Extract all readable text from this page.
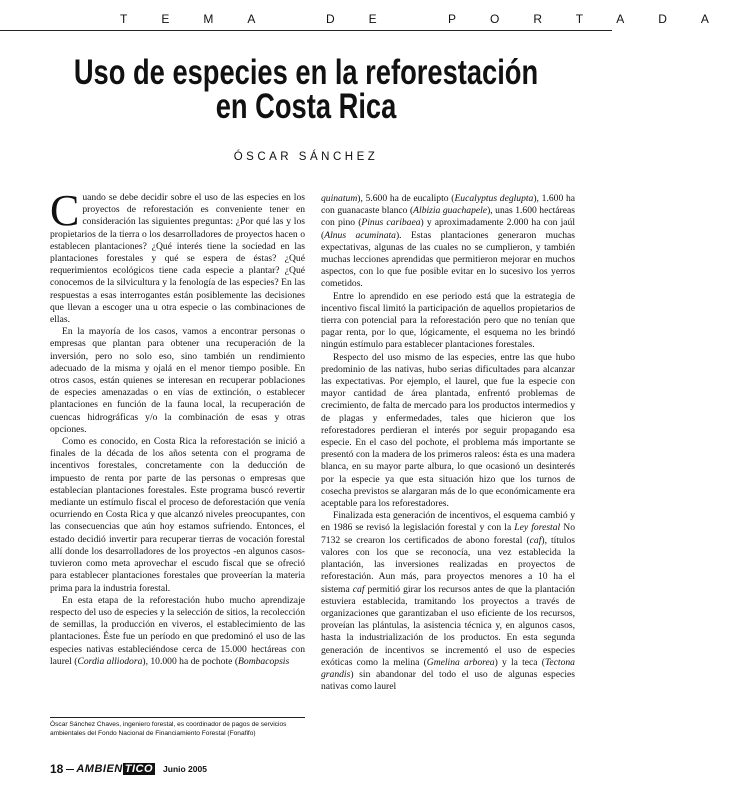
TEMA DE PORTADA
Uso de especies en la reforestación
en Costa Rica
ÓSCAR SÁNCHEZ

Cuando se debe decidir sobre el uso de las especies en los proyectos de reforestación es conveniente tener en consideración las siguientes preguntas: ¿Por qué las y los propietarios de la tierra o los desarrolladores de proyectos hacen o establecen plantaciones? ¿Qué interés tiene la sociedad en las plantaciones forestales y qué se espera de éstas? ¿Qué requerimientos ecológicos tiene cada especie a plantar? ¿Qué conocemos de la silvicultura y la fenología de las especies? En las respuestas a esas interrogantes están posiblemente las decisiones que llevan a escoger una u otra especie o las combinaciones de ellas.

En la mayoría de los casos, vamos a encontrar personas o empresas que plantan para obtener una recuperación de la inversión, pero no solo eso, sino también un rendimiento adecuado de la misma y ojalá en el menor tiempo posible. En otros casos, están quienes se interesan en recuperar poblaciones de especies amenazadas o en vías de extinción, o establecer plantaciones en función de la fauna local, la recuperación de cuencas hidrográficas y/o la combinación de esas y otras opciones.

Como es conocido, en Costa Rica la reforestación se inició a finales de la década de los años setenta con el programa de incentivos forestales, concretamente con la deducción de impuesto de renta por parte de las personas o empresas que establecían plantaciones forestales. Este programa buscó revertir mediante un estímulo fiscal el proceso de deforestación que venía ocurriendo en Costa Rica y que alcanzó niveles preocupantes, con las consecuencias que aún hoy estamos sufriendo. Entonces, el estado decidió invertir para recuperar tierras de vocación forestal allí donde los desarrolladores de los proyectos -en algunos casos- tuvieron como meta aprovechar el escudo fiscal que se ofreció para establecer plantaciones forestales que proveerían la materia prima para la industria forestal.

En esta etapa de la reforestación hubo mucho aprendizaje respecto del uso de especies y la selección de sitios, la recolección de semillas, la producción en viveros, el establecimiento de las plantaciones. Éste fue un período en que predominó el uso de las especies nativas estableciéndose cerca de 15.000 hectáreas con laurel (Cordia alliodora), 10.000 ha de pochote (Bombacopsis

quinatum), 5.600 ha de eucalipto (Eucalyptus deglupta), 1.600 ha con guanacaste blanco (Albizia guachapele), unas 1.600 hectáreas con pino (Pinus caribaea) y aproximadamente 2.000 ha con jaúl (Alnus acuminata). Estas plantaciones generaron muchas expectativas, algunas de las cuales no se cumplieron, y también muchas lecciones aprendidas que permitieron mejorar en muchos aspectos, con lo que fue posible evitar en lo sucesivo los yerros cometidos.

Entre lo aprendido en ese periodo está que la estrategia de incentivo fiscal limitó la participación de aquellos propietarios de tierra con potencial para la reforestación pero que no tenían que pagar renta, por lo que, lógicamente, el esquema no les brindó ningún estímulo para establecer plantaciones forestales.

Respecto del uso mismo de las especies, entre las que hubo predominio de las nativas, hubo serias dificultades para alcanzar las expectativas. Por ejemplo, el laurel, que fue la especie con mayor cantidad de área plantada, enfrentó problemas de crecimiento, de falta de mercado para los productos intermedios y de plagas y enfermedades, tales que hicieron que los reforestadores perdieran el interés por seguir propagando esa especie. En el caso del pochote, el problema más importante se presentó con la madera de los primeros raleos: ésta es una madera blanca, en su mayor parte albura, lo que ocasionó un desinterés por la especie ya que esta situación hizo que los turnos de cosecha previstos se alargaran más de lo que económicamente era aceptable para los reforestadores.

Finalizada esta generación de incentivos, el esquema cambió y en 1986 se revisó la legislación forestal y con la Ley forestal No 7132 se crearon los certificados de abono forestal (caf), títulos valores con los que se reconocía, una vez establecida la plantación, las inversiones realizadas en proyectos de reforestación. Aun más, para proyectos menores a 10 ha el sistema caf permitió girar los recursos antes de que la plantación estuviera establecida, tramitando los proyectos a través de organizaciones que garantizaban el uso eficiente de los recursos, proveían las plántulas, la asistencia técnica y, en algunos casos, hasta la industrialización de los productos. En esta segunda generación de incentivos se incrementó el uso de especies exóticas como la melina (Gmelina arborea) y la teca (Tectona grandis) sin abandonar del todo el uso de algunas especies nativas como laurel

Óscar Sánchez Chaves, ingeniero forestal, es coordinador de pagos de servicios ambientales del Fondo Nacional de Financiamiento Forestal (Fonafifo)
18 AMBIEN TICO Junio 2005
